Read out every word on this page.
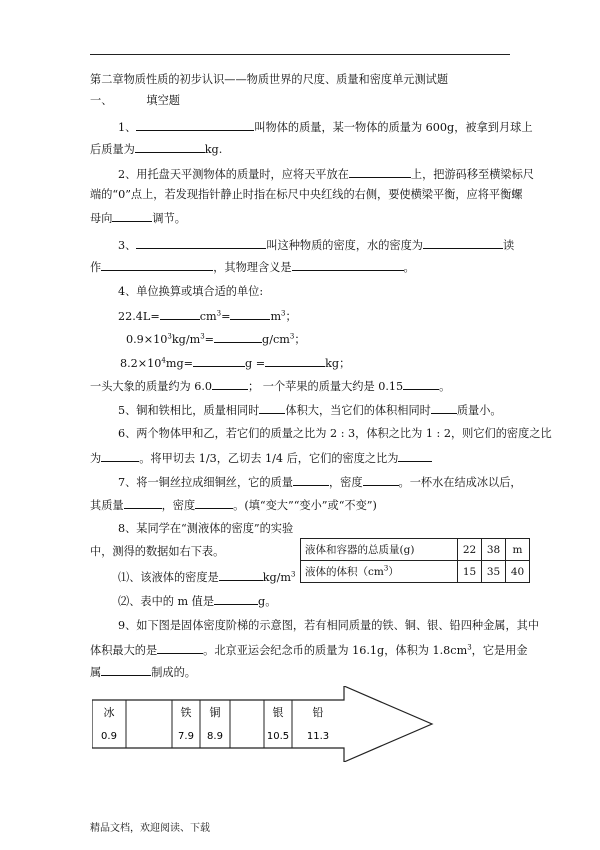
第二章物质性质的初步认识——物质世界的尺度、质量和密度单元测试题
一、	填空题
1、	叫物体的质量，某一物体的质量为 600g，被拿到月球上
后质量为	kg.
2、用托盘天平测物体的质量时，应将天平放在	上，把游码移至横梁标尺
端的“0”点上，若发现指针静止时指在标尺中央红线的右侧，要使横梁平衡，应将平衡螺
母向	调节。
3、	叫这种物质的密度，水的密度为	读
作	，其物理含义是	。
4、单位换算或填合适的单位:
22.4L=	$cm^3=$	$m^3$；
$0.9\times 10^3kg/m^3=$	$g/cm^3$；
$8.2\times 10^4mg=$	g =	kg；
一头大象的质量约为 6.0	； 一个苹果的质量大约是 0.15	。
5、铜和铁相比，质量相同时 体积大，当它们的体积相同时 质量小。
6、两个物体甲和乙，若它们的质量之比为 2 : 3，体积之比为 1 : 2，则它们的密度之比
为	。将甲切去 1/3，乙切去 1/4 后，它们的密度之比为
7、将一铜丝拉成细铜丝，它的质量	，密度	。一杯水在结成冰以后，
其质量	，密度	。(填“变大”“变小”或“不变”)
8、某同学在“测液体的密度”的实验
中，测得的数据如右下表。
⑴、该液体的密度是	$kg/m^3$
⑵、表中的 m 值是	g。
液体和容器的总质量(g)	22	38	m
液体的体积$(cm^3)$	15	35	40
9、如下图是固体密度阶梯的示意图，若有相同质量的铁、铜、银、铅四种金属，其中
体积最大的是	。北京亚运会纪念币的质量为 16.1g，体积为 $1.8cm^3$，它是用金
属	制成的。
冰
0.9
铁
7.9
铜
8.9
银
10.5
铅
11.3
精品文档，欢迎阅读、下载
